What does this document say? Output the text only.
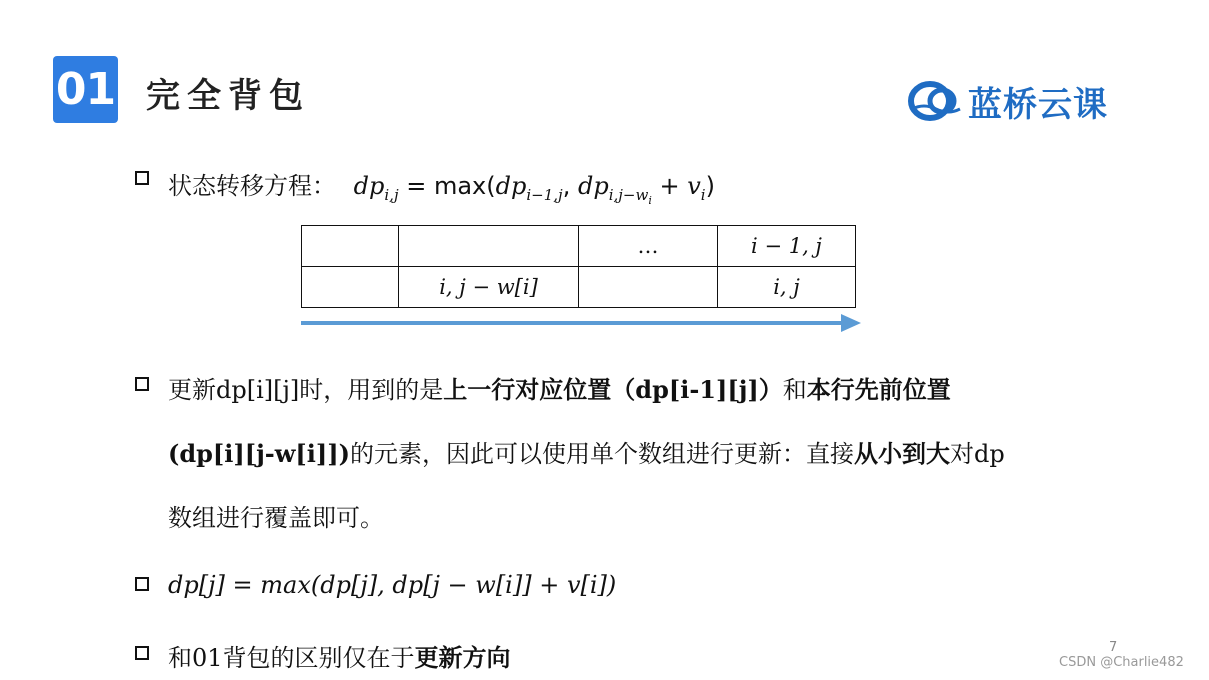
01 完全背包	蓝桥云课
状态转移方程： $dp_{i,j} = \max(dp_{i-1,j}$, $dp_{i,j-w_i} + v_i$)
		…	i − 1, j
	i, j − w[i]		i, j
更新dp[i][j]时，用到的是上一行对应位置（dp[i-1][j]）和本行先前位置
(dp[i][j-w[i]])的元素，因此可以使用单个数组进行更新：直接从小到大对dp
数组进行覆盖即可。
dp[j] = max(dp[j], dp[j − w[i]] + v[i])
和01背包的区别仅在于更新方向	7
CSDN @Charlie482
